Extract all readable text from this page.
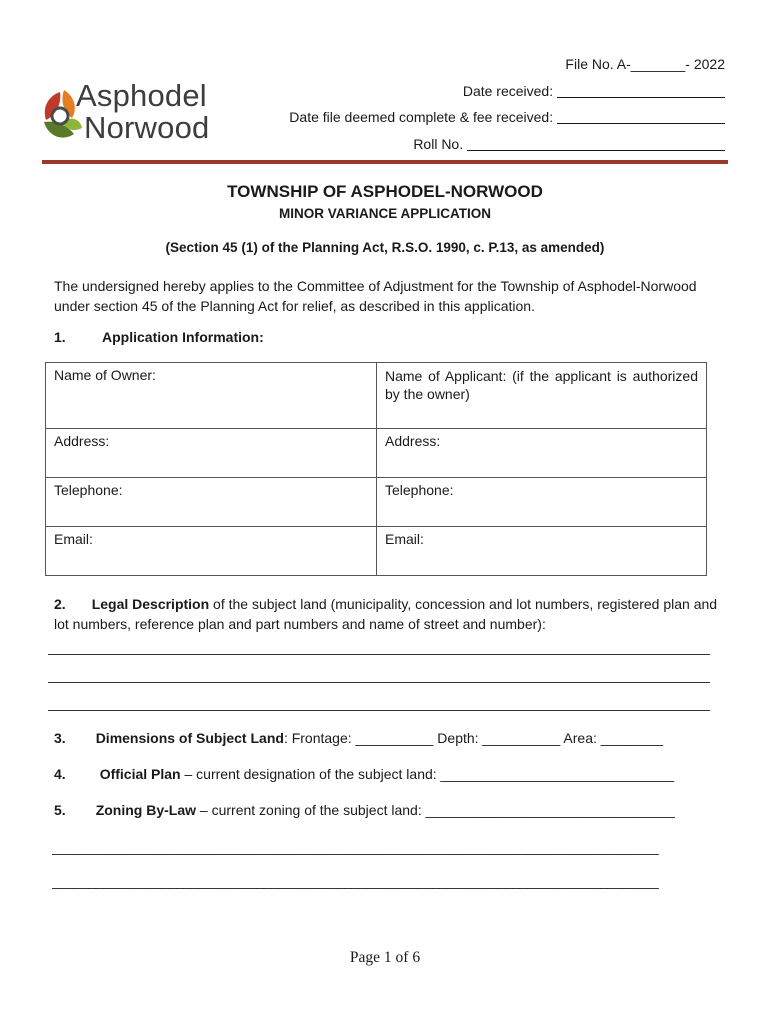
Asphodel
Norwood
File No. A-_______- 2022
Date received:
Date file deemed complete & fee received:
Roll No.
TOWNSHIP OF ASPHODEL-NORWOOD
MINOR VARIANCE APPLICATION
(Section 45 (1) of the Planning Act, R.S.O. 1990, c. P.13, as amended)
The undersigned hereby applies to the Committee of Adjustment for the Township of Asphodel-Norwood under section 45 of the Planning Act for relief, as described in this application.
1.	Application Information:
Name of Owner:	Name of Applicant: (if the applicant is authorized by the owner)
Address:	Address:
Telephone:	Telephone:
Email:	Email:
2. Legal Description of the subject land (municipality, concession and lot numbers, registered plan and lot numbers, reference plan and part numbers and name of street and number):
3. Dimensions of Subject Land: Frontage: __________ Depth: __________ Area: ________
4. Official Plan – current designation of the subject land: ______________________________
5. Zoning By-Law – current zoning of the subject land: ________________________________
___________________________________________________________________________________
___________________________________________________________________________________
Page 1 of 6
